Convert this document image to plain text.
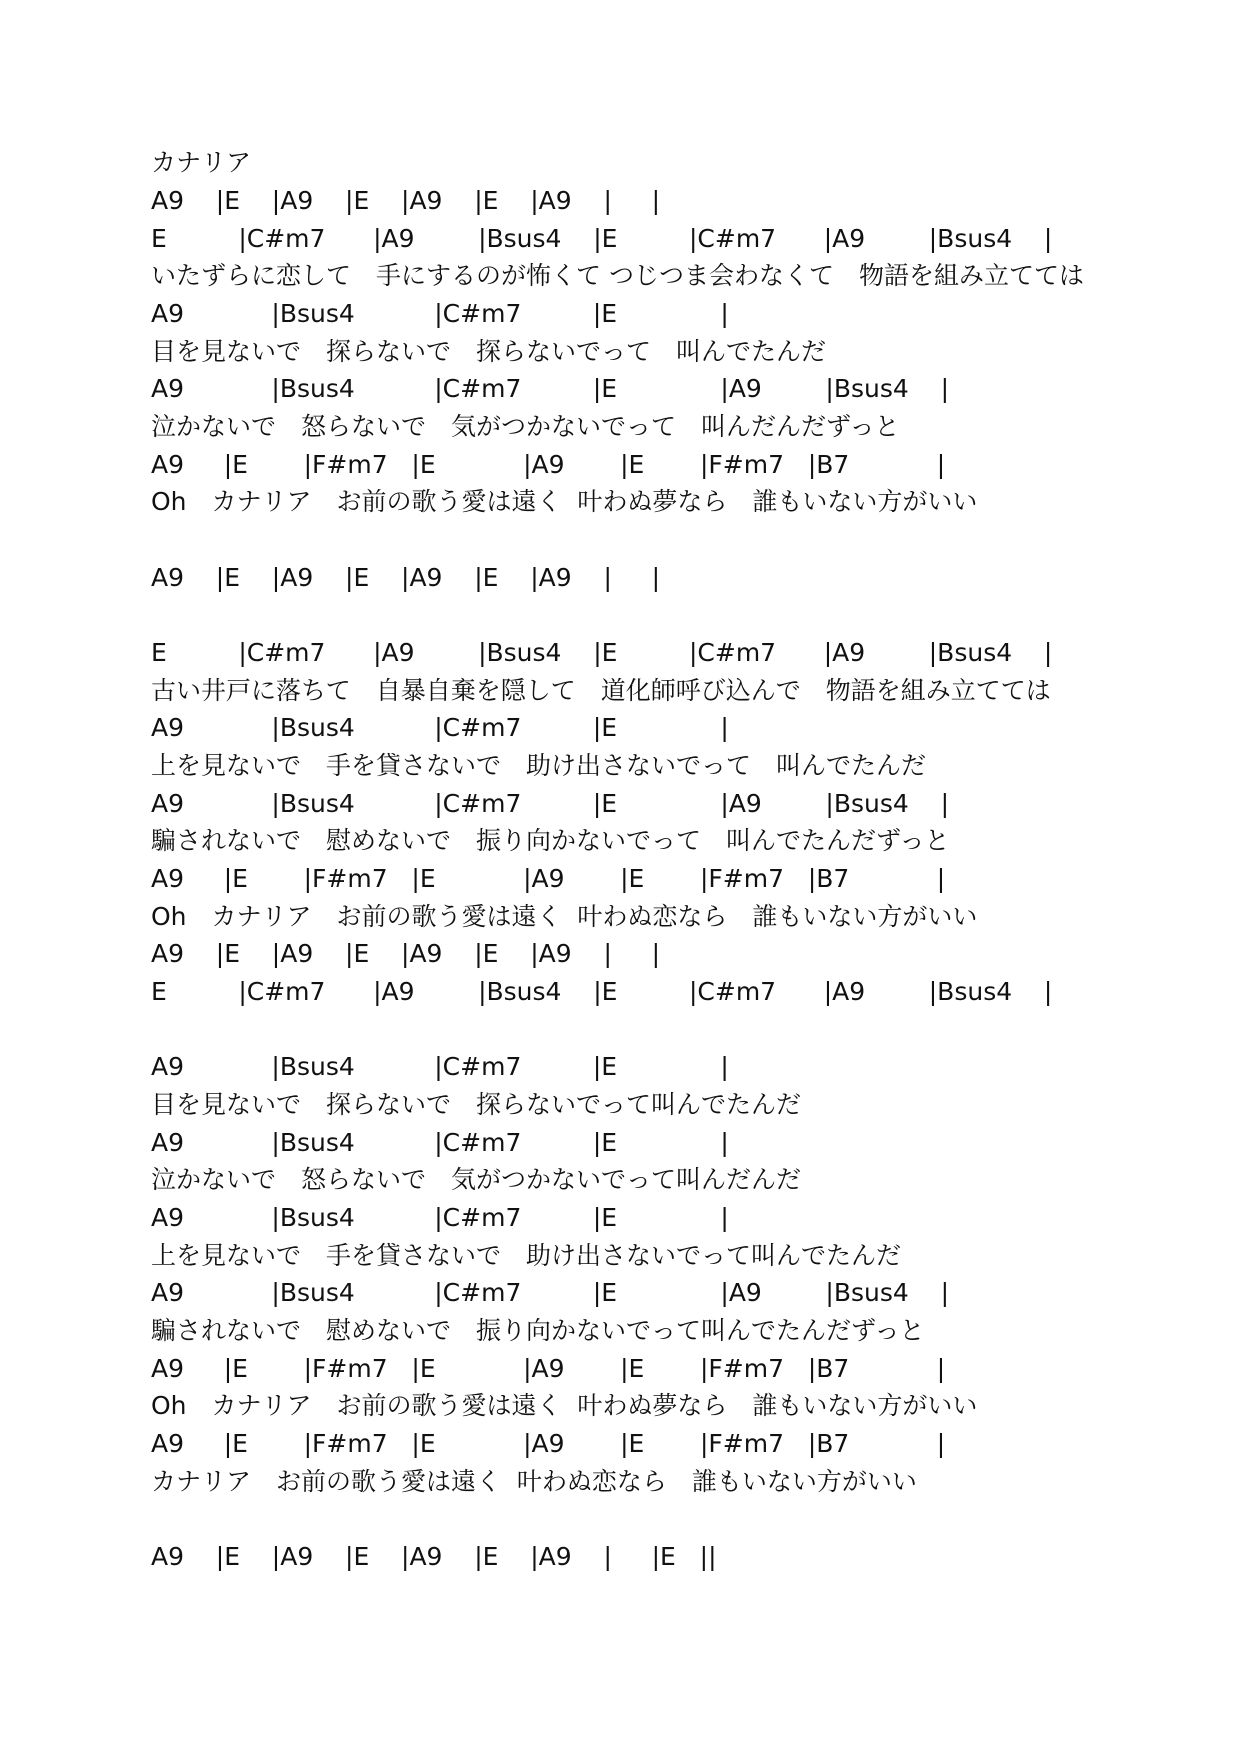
カナリア
A9    |E    |A9    |E    |A9    |E    |A9    |     |
E         |C#m7      |A9        |Bsus4    |E         |C#m7      |A9        |Bsus4    |
いたずらに恋して　手にするのが怖くて つじつま会わなくて　物語を組み立てては
A9           |Bsus4          |C#m7         |E             |
目を見ないで　探らないで　探らないでって　叫んでたんだ
A9           |Bsus4          |C#m7         |E             |A9        |Bsus4    |
泣かないで　怒らないで　気がつかないでって　叫んだんだずっと
A9     |E       |F#m7   |E           |A9       |E       |F#m7   |B7           |
Oh　カナリア　お前の歌う愛は遠く  叶わぬ夢なら　誰もいない方がいい
A9    |E    |A9    |E    |A9    |E    |A9    |     |
E         |C#m7      |A9        |Bsus4    |E         |C#m7      |A9        |Bsus4    |
古い井戸に落ちて　自暴自棄を隠して　道化師呼び込んで　物語を組み立てては
A9           |Bsus4          |C#m7         |E             |
上を見ないで　手を貸さないで　助け出さないでって　叫んでたんだ
A9           |Bsus4          |C#m7         |E             |A9        |Bsus4    |
騙されないで　慰めないで　振り向かないでって　叫んでたんだずっと
A9     |E       |F#m7   |E           |A9       |E       |F#m7   |B7           |
Oh　カナリア　お前の歌う愛は遠く  叶わぬ恋なら　誰もいない方がいい
A9    |E    |A9    |E    |A9    |E    |A9    |     |
E         |C#m7      |A9        |Bsus4    |E         |C#m7      |A9        |Bsus4    |
A9           |Bsus4          |C#m7         |E             |
目を見ないで　探らないで　探らないでって叫んでたんだ
A9           |Bsus4          |C#m7         |E             |
泣かないで　怒らないで　気がつかないでって叫んだんだ
A9           |Bsus4          |C#m7         |E             |
上を見ないで　手を貸さないで　助け出さないでって叫んでたんだ
A9           |Bsus4          |C#m7         |E             |A9        |Bsus4    |
騙されないで　慰めないで　振り向かないでって叫んでたんだずっと
A9     |E       |F#m7   |E           |A9       |E       |F#m7   |B7           |
Oh　カナリア　お前の歌う愛は遠く  叶わぬ夢なら　誰もいない方がいい
A9     |E       |F#m7   |E           |A9       |E       |F#m7   |B7           |
カナリア　お前の歌う愛は遠く  叶わぬ恋なら　誰もいない方がいい
A9    |E    |A9    |E    |A9    |E    |A9    |     |E   ||
